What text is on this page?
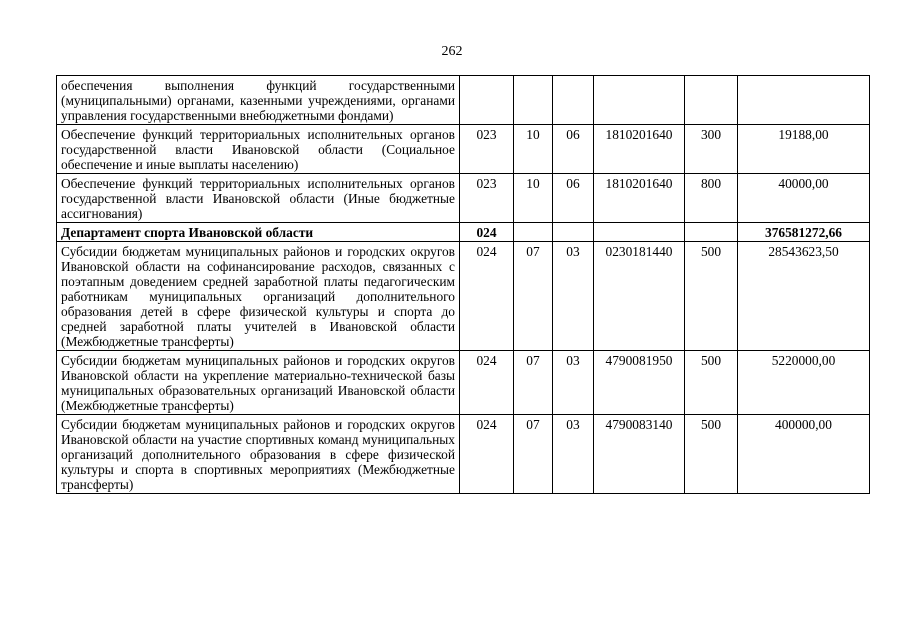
262
обеспечения выполнения функций государственными (муниципальными) органами, казенными учреждениями, органами управления государственными внебюджетными фондами)						
Обеспечение функций территориальных исполнительных органов государственной власти Ивановской области (Социальное обеспечение и иные выплаты населению)	023	10	06	1810201640	300	19188,00
Обеспечение функций территориальных исполнительных органов государственной власти Ивановской области (Иные бюджетные ассигнования)	023	10	06	1810201640	800	40000,00
Департамент спорта Ивановской области	024					376581272,66
Субсидии бюджетам муниципальных районов и городских округов Ивановской области на софинансирование расходов, связанных с поэтапным доведением средней заработной платы педагогическим работникам муниципальных организаций дополнительного образования детей в сфере физической культуры и спорта до средней заработной платы учителей в Ивановской области (Межбюджетные трансферты)	024	07	03	0230181440	500	28543623,50
Субсидии бюджетам муниципальных районов и городских округов Ивановской области на укрепление материально-технической базы муниципальных образовательных организаций Ивановской области (Межбюджетные трансферты)	024	07	03	4790081950	500	5220000,00
Субсидии бюджетам муниципальных районов и городских округов Ивановской области на участие спортивных команд муниципальных организаций дополнительного образования в сфере физической культуры и спорта в спортивных мероприятиях (Межбюджетные трансферты)	024	07	03	4790083140	500	400000,00
